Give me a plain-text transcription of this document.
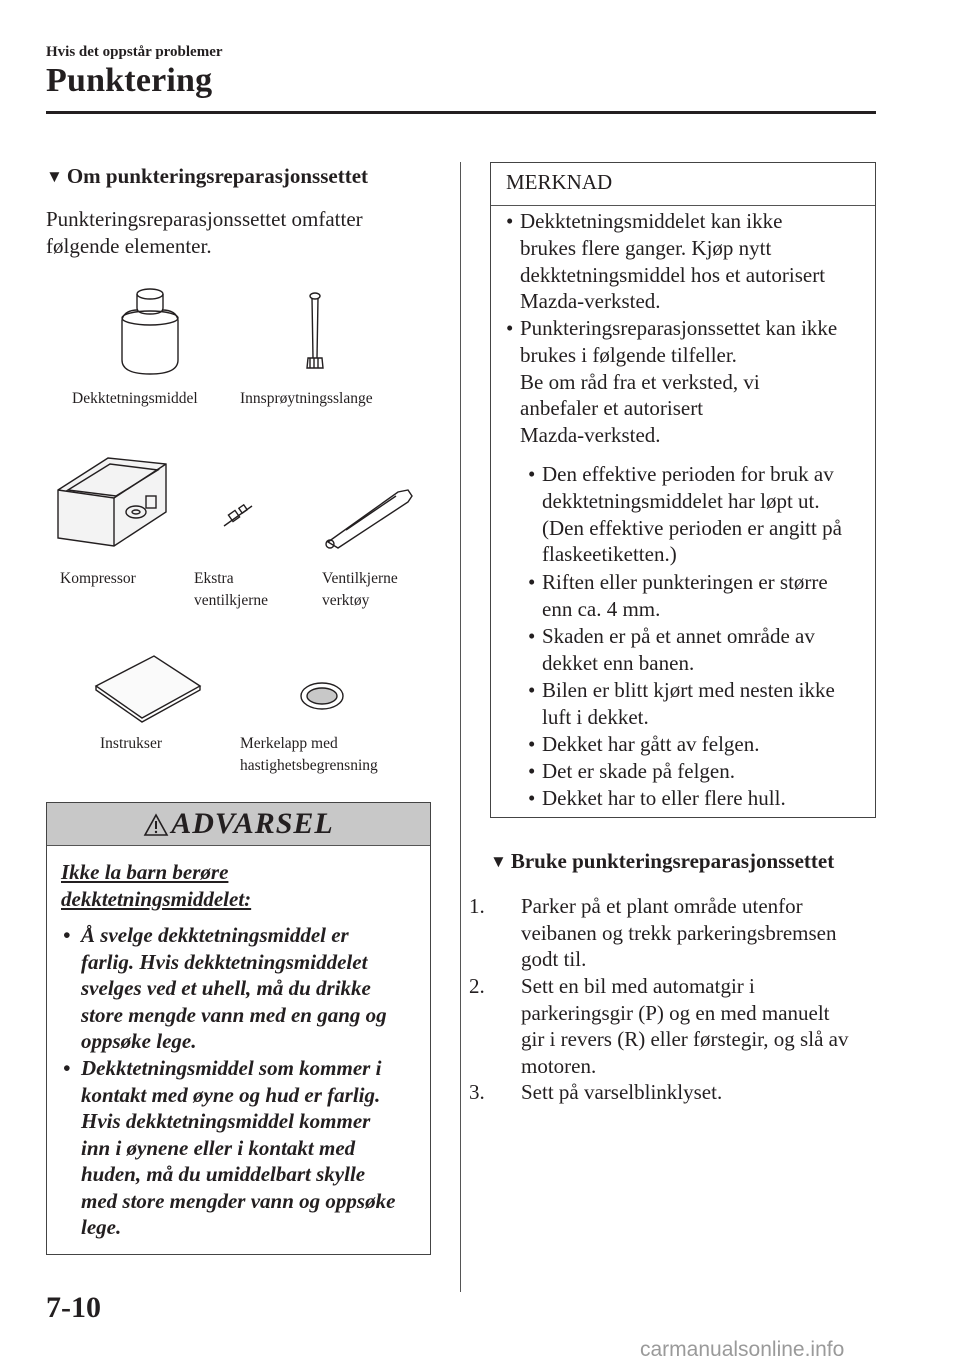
Hvis det oppstår problemer
Punktering
▼ Om punkteringsreparasjonssettet
Punkteringsreparasjonssettet omfatter
følgende elementer.
Dekktetningsmiddel	Innsprøytningsslange
Kompressor	Ekstra
ventilkjerne
Ventilkjerne
verktøy
Instrukser	Merkelapp med
hastighetsbegrensning
ADVARSEL
Ikke la barn berøre
dekktetningsmiddelet:
• Å svelge dekktetningsmiddel er
farlig. Hvis dekktetningsmiddelet
svelges ved et uhell, må du drikke
store mengde vann med en gang og
oppsøke lege.
• Dekktetningsmiddel som kommer i
kontakt med øyne og hud er farlig.
Hvis dekktetningsmiddel kommer
inn i øynene eller i kontakt med
huden, må du umiddelbart skylle
med store mengder vann og oppsøke
lege.
MERKNAD
• Dekktetningsmiddelet kan ikke
brukes flere ganger. Kjøp nytt
dekktetningsmiddel hos et autorisert
Mazda-verksted.
• Punkteringsreparasjonssettet kan ikke
brukes i følgende tilfeller.
Be om råd fra et verksted, vi
anbefaler et autorisert
Mazda-verksted.
• Den effektive perioden for bruk av
dekktetningsmiddelet har løpt ut.
(Den effektive perioden er angitt på
flaskeetiketten.)
• Riften eller punkteringen er større
enn ca. 4 mm.
• Skaden er på et annet område av
dekket enn banen.
• Bilen er blitt kjørt med nesten ikke
luft i dekket.
• Dekket har gått av felgen.
• Det er skade på felgen.
• Dekket har to eller flere hull.
▼ Bruke punkteringsreparasjonssettet
1. Parker på et plant område utenfor
veibanen og trekk parkeringsbremsen
godt til.
2. Sett en bil med automatgir i
parkeringsgir (P) og en med manuelt
gir i revers (R) eller førstegir, og slå av
motoren.
3. Sett på varselblinklyset.
7-10
carmanualsonline.info
